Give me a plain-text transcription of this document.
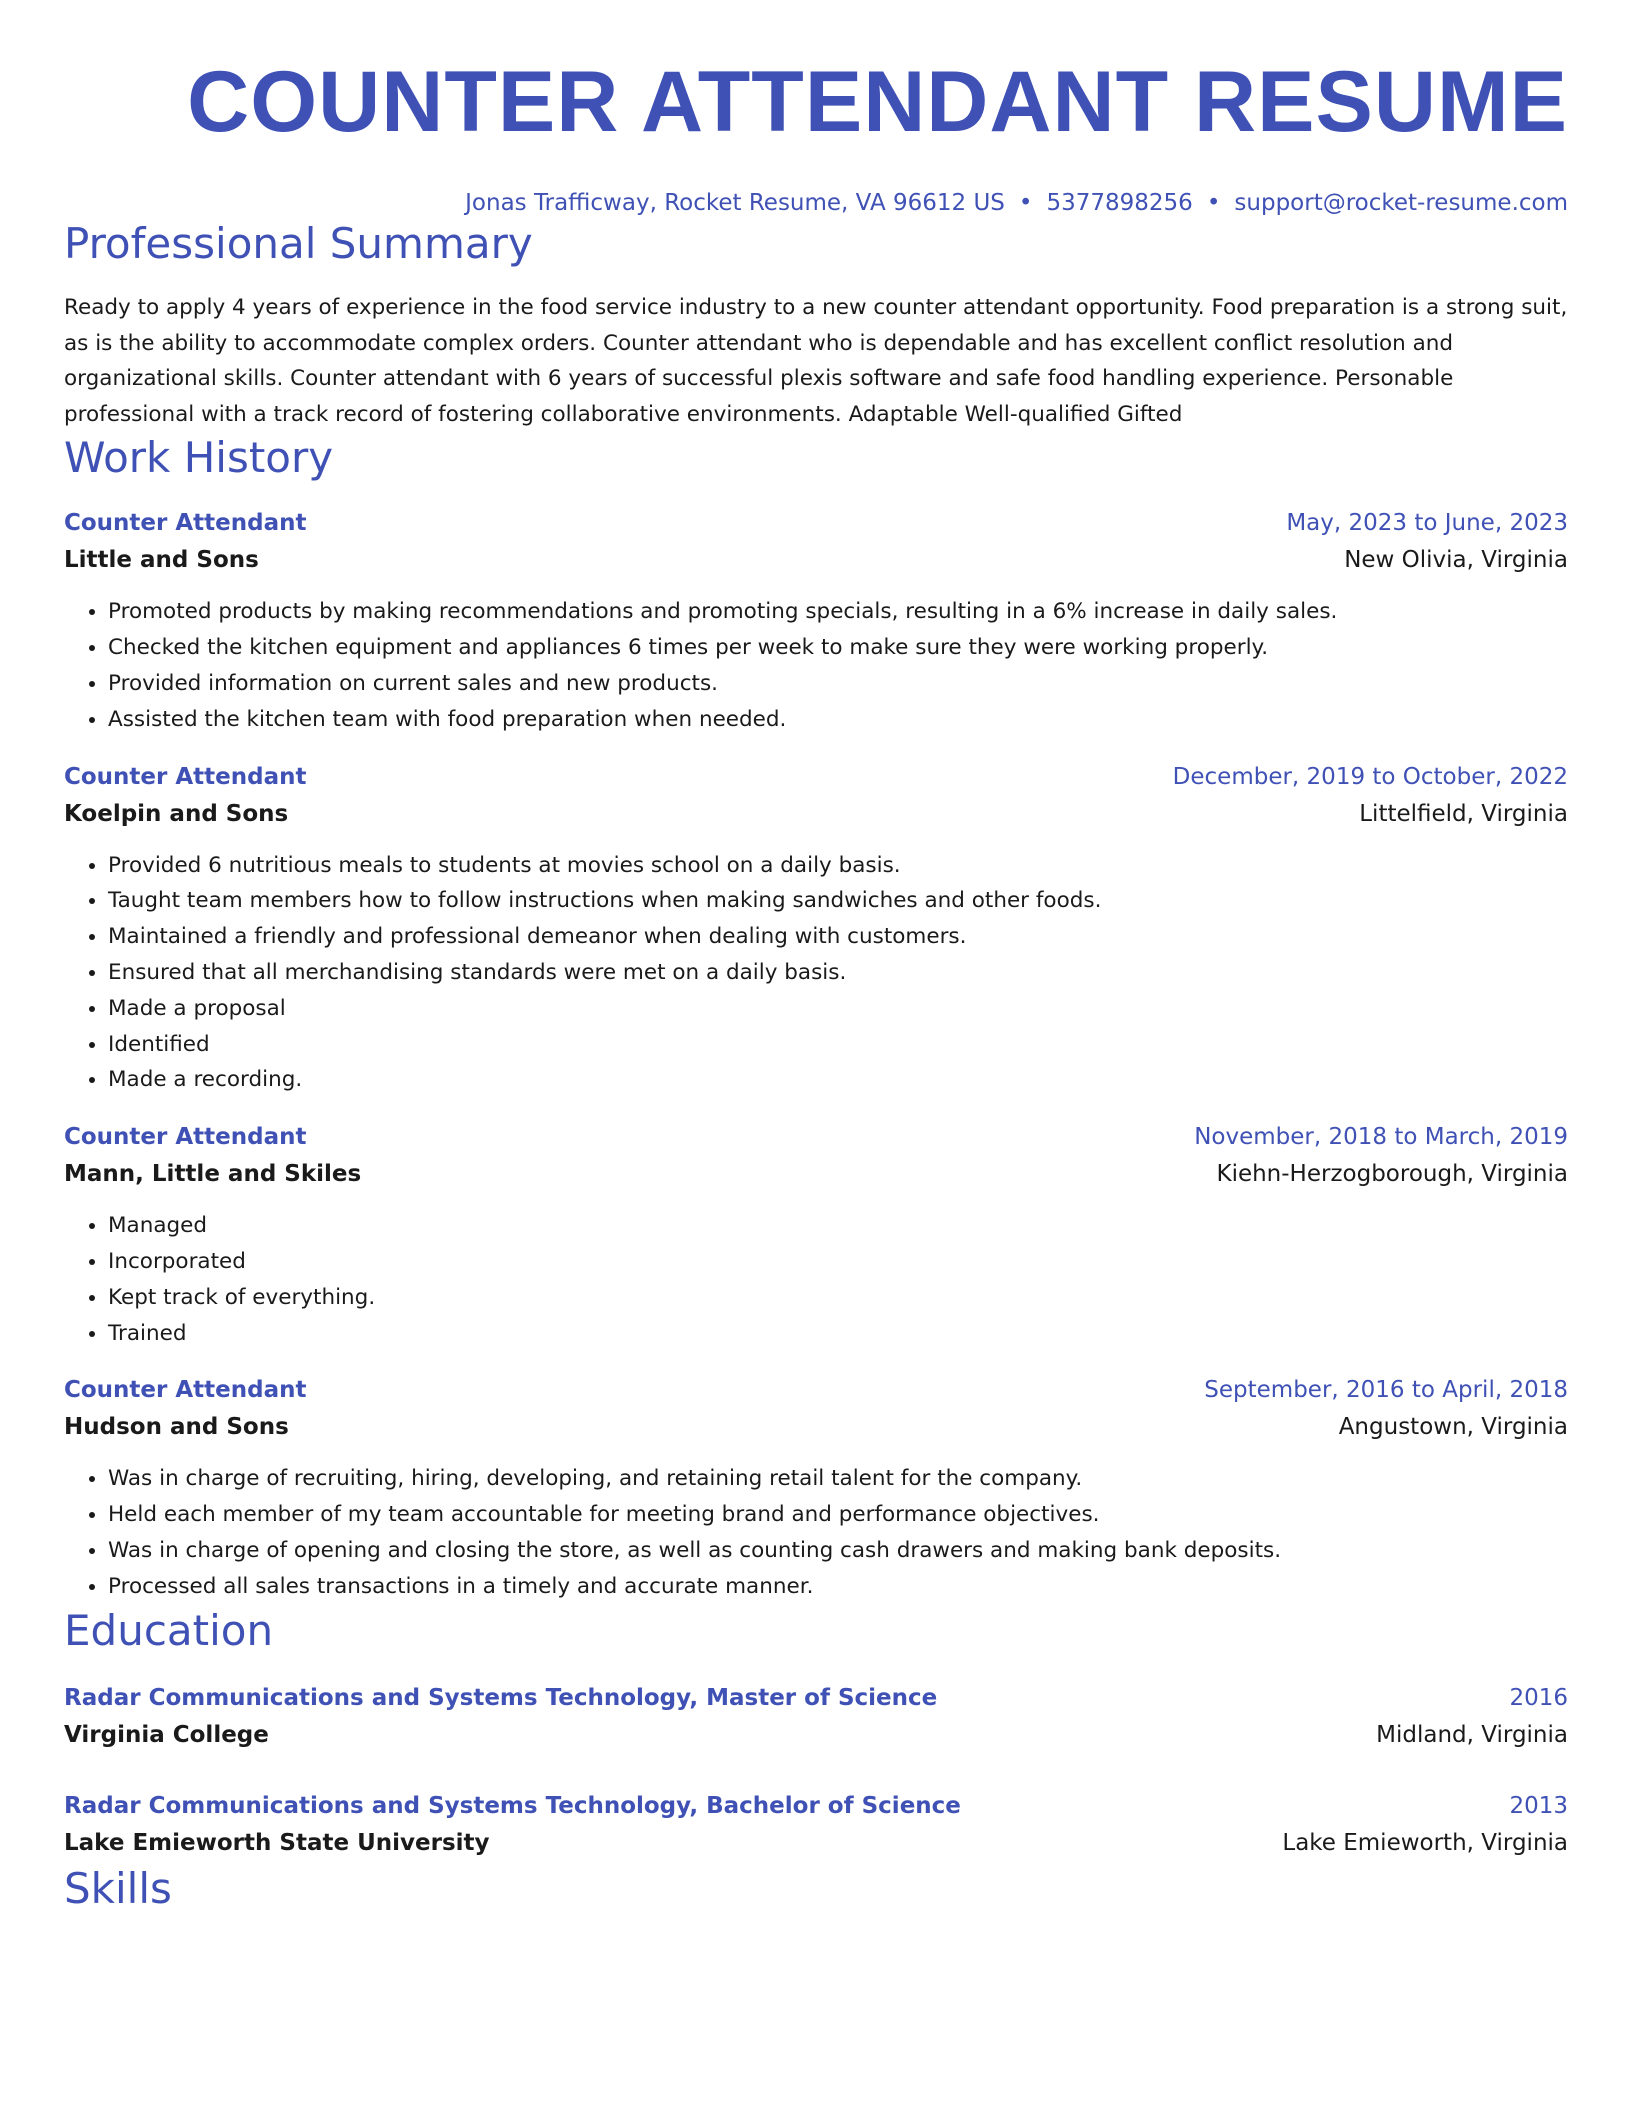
COUNTER ATTENDANT RESUME
Jonas Trafficway, Rocket Resume, VA 96612 US • 5377898256 • support@rocket-resume.com
Professional Summary
Ready to apply 4 years of experience in the food service industry to a new counter attendant opportunity. Food preparation is a strong suit, as is the ability to accommodate complex orders. Counter attendant who is dependable and has excellent conflict resolution and organizational skills. Counter attendant with 6 years of successful plexis software and safe food handling experience. Personable professional with a track record of fostering collaborative environments. Adaptable Well-qualified Gifted
Work History
Counter Attendant	May, 2023 to June, 2023
Little and Sons	New Olivia, Virginia
• Promoted products by making recommendations and promoting specials, resulting in a 6% increase in daily sales.
• Checked the kitchen equipment and appliances 6 times per week to make sure they were working properly.
• Provided information on current sales and new products.
• Assisted the kitchen team with food preparation when needed.
Counter Attendant	December, 2019 to October, 2022
Koelpin and Sons	Littelfield, Virginia
• Provided 6 nutritious meals to students at movies school on a daily basis.
• Taught team members how to follow instructions when making sandwiches and other foods.
• Maintained a friendly and professional demeanor when dealing with customers.
• Ensured that all merchandising standards were met on a daily basis.
• Made a proposal
• Identified
• Made a recording.
Counter Attendant	November, 2018 to March, 2019
Mann, Little and Skiles	Kiehn-Herzogborough, Virginia
• Managed
• Incorporated
• Kept track of everything.
• Trained
Counter Attendant	September, 2016 to April, 2018
Hudson and Sons	Angustown, Virginia
• Was in charge of recruiting, hiring, developing, and retaining retail talent for the company.
• Held each member of my team accountable for meeting brand and performance objectives.
• Was in charge of opening and closing the store, as well as counting cash drawers and making bank deposits.
• Processed all sales transactions in a timely and accurate manner.
Education
Radar Communications and Systems Technology, Master of Science	2016
Virginia College	Midland, Virginia
Radar Communications and Systems Technology, Bachelor of Science	2013
Lake Emieworth State University	Lake Emieworth, Virginia
Skills
